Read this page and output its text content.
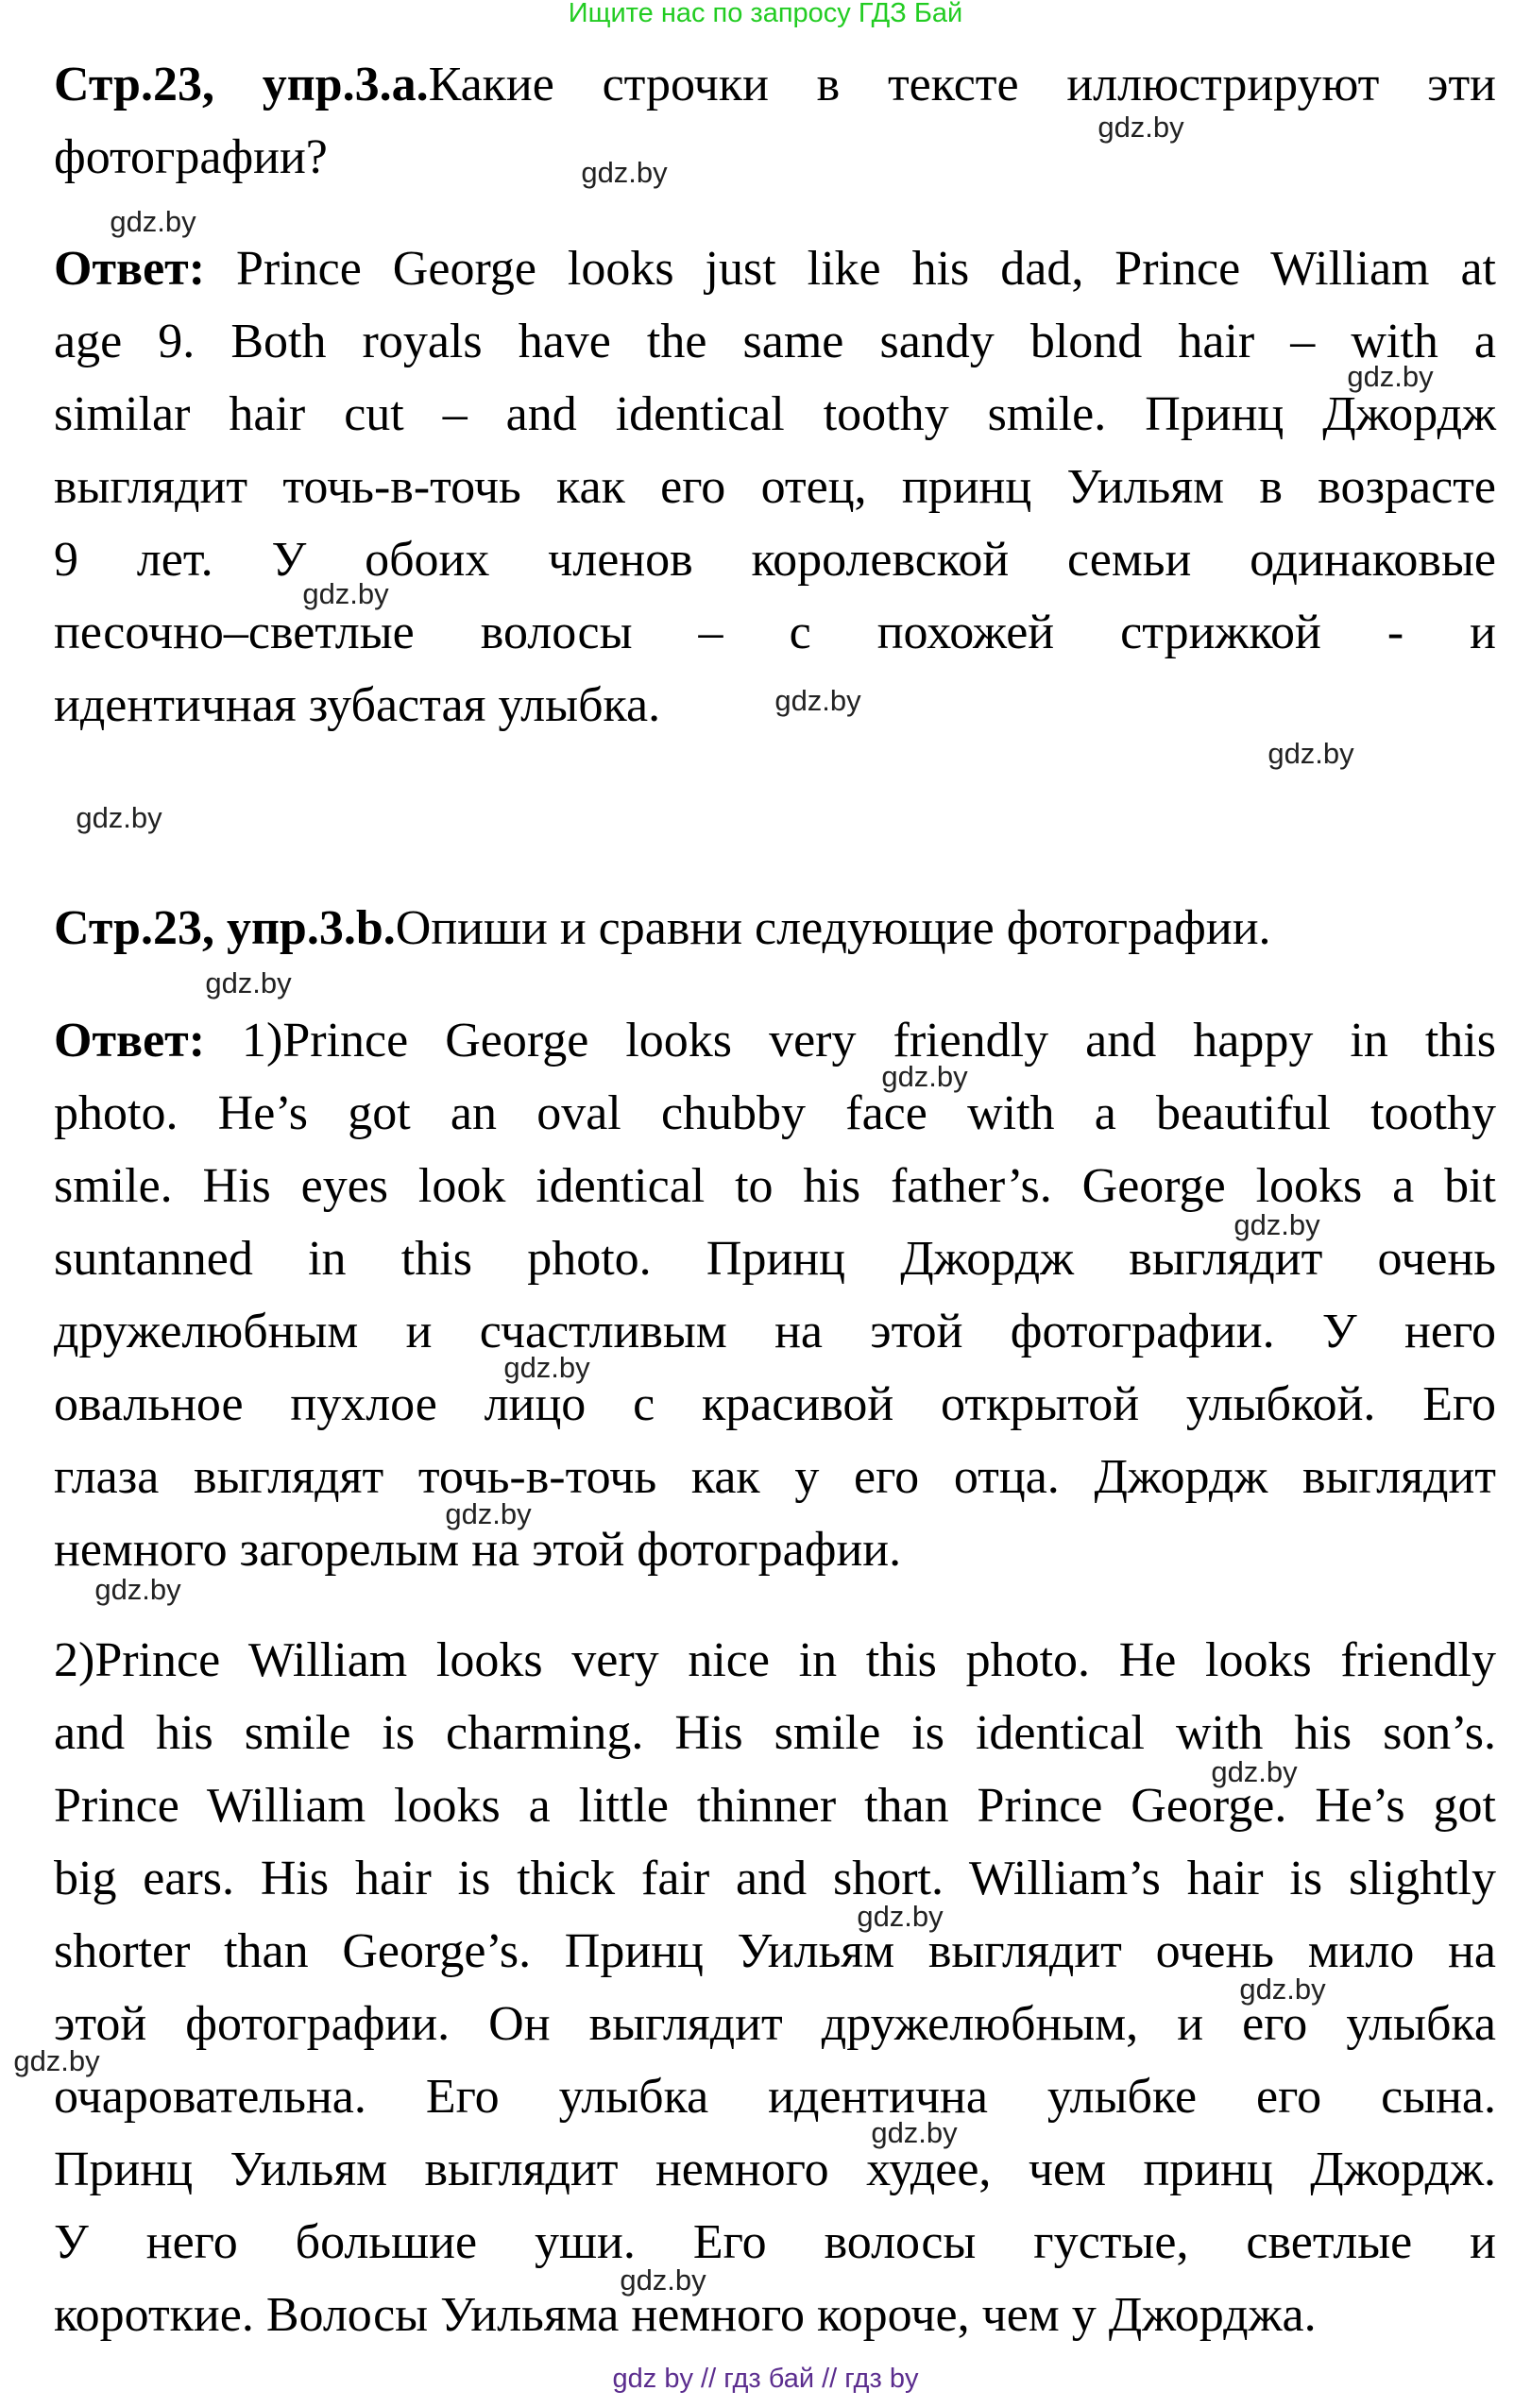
Ищите нас по запросу ГДЗ Бай
Стр.23, упр.3.а.Какие строчки в тексте иллюстрируют эти
фотографии?
Ответ: Prince George looks just like his dad, Prince William at
age 9. Both royals have the same sandy blond hair – with a
similar hair cut – and identical toothy smile. Принц Джордж
выглядит точь-в-точь как его отец, принц Уильям в возрасте
9 лет. У обоих членов королевской семьи одинаковые
песочно–светлые волосы – с похожей стрижкой - и
идентичная зубастая улыбка.
Стр.23, упр.3.b.Опиши и сравни следующие фотографии.
Ответ: 1)Prince George looks very friendly and happy in this
photo. He’s got an oval chubby face with a beautiful toothy
smile. His eyes look identical to his father’s. George looks a bit
suntanned in this photo. Принц Джордж выглядит очень
дружелюбным и счастливым на этой фотографии. У него
овальное пухлое лицо с красивой открытой улыбкой. Его
глаза выглядят точь-в-точь как у его отца. Джордж выглядит
немного загорелым на этой фотографии.
2)Prince William looks very nice in this photo. He looks friendly
and his smile is charming. His smile is identical with his son’s.
Prince William looks a little thinner than Prince George. He’s got
big ears. His hair is thick fair and short. William’s hair is slightly
shorter than George’s. Принц Уильям выглядит очень мило на
этой фотографии. Он выглядит дружелюбным, и его улыбка
очаровательна. Его улыбка идентична улыбке его сына.
Принц Уильям выглядит немного худее, чем принц Джордж.
У него большие уши. Его волосы густые, светлые и
короткие. Волосы Уильяма немного короче, чем у Джорджа.
gdz.by
gdz.by
gdz.by
gdz.by
gdz.by
gdz.by
gdz.by
gdz.by
gdz.by
gdz.by
gdz.by
gdz.by
gdz.by
gdz.by
gdz.by
gdz.by
gdz.by
gdz.by
gdz.by
gdz.by
gdz by // гдз бай // гдз by
